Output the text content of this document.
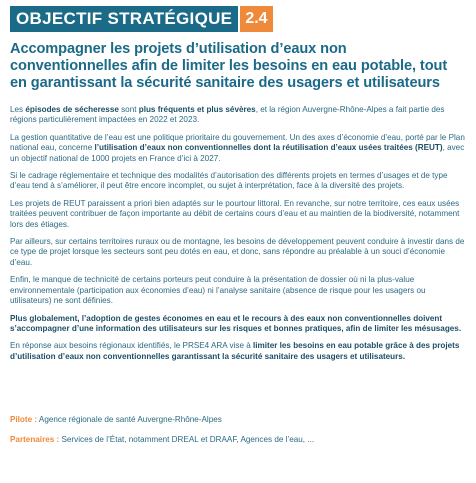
OBJECTIF STRATÉGIQUE 2.4
Accompagner les projets d’utilisation d’eaux non conventionnelles afin de limiter les besoins en eau potable, tout en garantissant la sécurité sanitaire des usagers et utilisateurs

Les épisodes de sécheresse sont plus fréquents et plus sévères, et la région Auvergne-Rhône-Alpes a fait partie des régions particulièrement impactées en 2022 et 2023.

La gestion quantitative de l’eau est une politique prioritaire du gouvernement. Un des axes d’économie d’eau, porté par le Plan national eau, concerne l’utilisation d’eaux non conventionnelles dont la réutilisation d’eaux usées traitées (REUT), avec un objectif national de 1000 projets en France d’ici à 2027.

Si le cadrage réglementaire et technique des modalités d’autorisation des différents projets en termes d’usages et de type d’eau tend à s’améliorer, il peut être encore incomplet, ou sujet à interprétation, face à la diversité des projets.

Les projets de REUT paraissent a priori bien adaptés sur le pourtour littoral. En revanche, sur notre territoire, ces eaux usées traitées peuvent contribuer de façon importante au débit de certains cours d’eau et au maintien de la biodiversité, notamment lors des étiages.

Par ailleurs, sur certains territoires ruraux ou de montagne, les besoins de développement peuvent conduire à investir dans de ce type de projet lorsque les secteurs sont peu dotés en eau, et donc, sans répondre au préalable à un souci d’économie d’eau.

Enfin, le manque de technicité de certains porteurs peut conduire à la présentation de dossier où ni la plus-value environnementale (participation aux économies d’eau) ni l’analyse sanitaire (absence de risque pour les usagers ou utilisateurs) ne sont définies.

Plus globalement, l’adoption de gestes économes en eau et le recours à des eaux non conventionnelles doivent s’accompagner d’une information des utilisateurs sur les risques et bonnes pratiques, afin de limiter les mésusages.

En réponse aux besoins régionaux identifiés, le PRSE4 ARA vise à limiter les besoins en eau potable grâce à des projets d’utilisation d’eaux non conventionnelles garantissant la sécurité sanitaire des usagers et utilisateurs.

Pilote : Agence régionale de santé Auvergne-Rhône-Alpes

Partenaires : Services de l’État, notamment DREAL et DRAAF, Agences de l’eau, ...
